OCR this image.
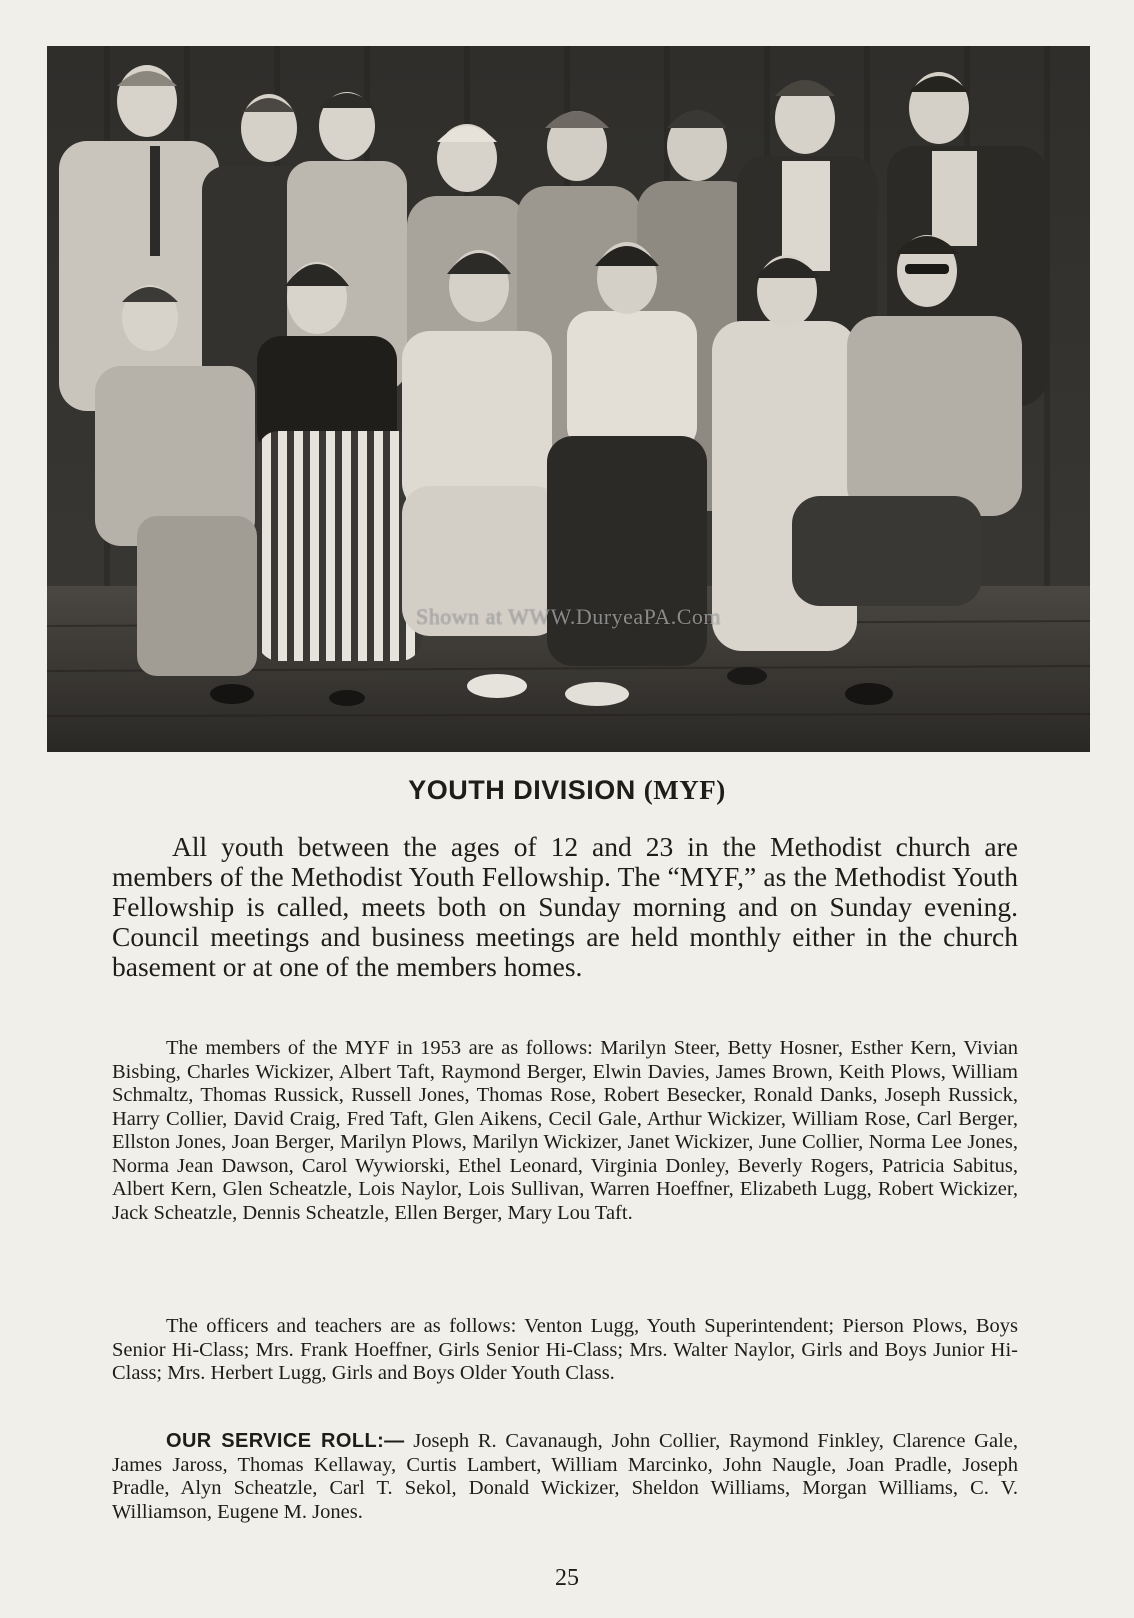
Shown at WWW.DuryeaPA.Com
YOUTH DIVISION (MYF)

All youth between the ages of 12 and 23 in the Methodist church are members of the Methodist Youth Fellowship. The “MYF,” as the Methodist Youth Fellowship is called, meets both on Sunday morning and on Sunday evening. Council meetings and business meetings are held monthly either in the church basement or at one of the members homes.

The members of the MYF in 1953 are as follows: Marilyn Steer, Betty Hosner, Esther Kern, Vivian Bisbing, Charles Wickizer, Albert Taft, Raymond Berger, Elwin Davies, James Brown, Keith Plows, William Schmaltz, Thomas Russick, Russell Jones, Thomas Rose, Robert Besecker, Ronald Danks, Joseph Russick, Harry Collier, David Craig, Fred Taft, Glen Aikens, Cecil Gale, Arthur Wickizer, William Rose, Carl Berger, Ellston Jones, Joan Berger, Marilyn Plows, Marilyn Wickizer, Janet Wickizer, June Collier, Norma Lee Jones, Norma Jean Dawson, Carol Wywiorski, Ethel Leonard, Virginia Donley, Beverly Rogers, Patricia Sabitus, Albert Kern, Glen Scheatzle, Lois Naylor, Lois Sullivan, Warren Hoeffner, Elizabeth Lugg, Robert Wickizer, Jack Scheatzle, Dennis Scheatzle, Ellen Berger, Mary Lou Taft.

The officers and teachers are as follows: Venton Lugg, Youth Superintendent; Pierson Plows, Boys Senior Hi-Class; Mrs. Frank Hoeffner, Girls Senior Hi-Class; Mrs. Walter Naylor, Girls and Boys Junior Hi-Class; Mrs. Herbert Lugg, Girls and Boys Older Youth Class.

OUR SERVICE ROLL:— Joseph R. Cavanaugh, John Collier, Raymond Finkley, Clarence Gale, James Jaross, Thomas Kellaway, Curtis Lambert, William Marcinko, John Naugle, Joan Pradle, Joseph Pradle, Alyn Scheatzle, Carl T. Sekol, Donald Wickizer, Sheldon Williams, Morgan Williams, C. V. Williamson, Eugene M. Jones.

25
